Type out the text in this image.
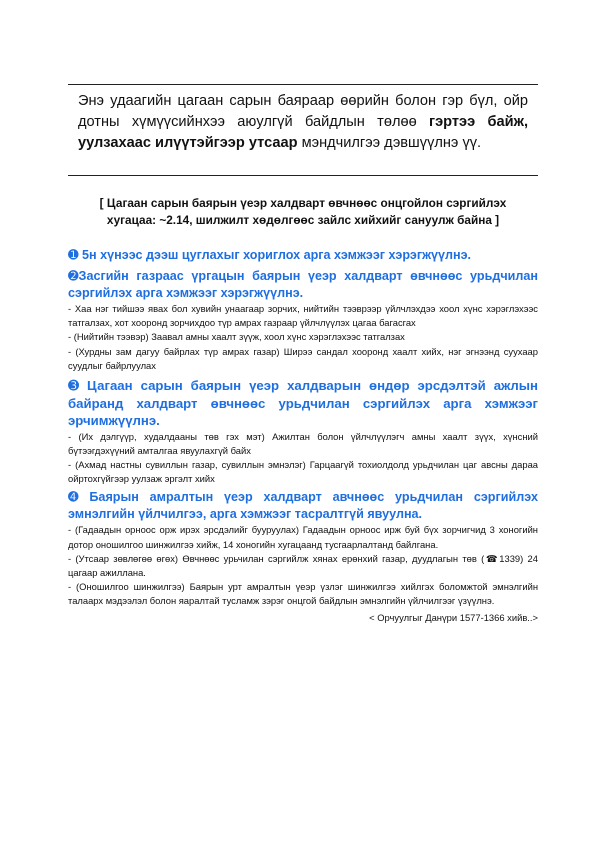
Энэ удаагийн цагаан сарын баяраар өөрийн болон гэр бүл, ойр дотны хүмүүсийнхээ аюулгүй байдлын төлөө гэртээ байж, уулзахаас илүүтэйгээр утсаар мэндчилгээ дэвшүүлнэ үү.
[ Цагаан сарын баярын үеэр халдварт өвчнөөс онцгойлон сэргийлэх
хугацаа: ~2.14, шилжилт хөдөлгөөс зайлс хийхийг сануулж байна ]

➊ 5н хүнээс дээш цуглахыг хориглох арга хэмжээг хэрэгжүүлнэ.

➋Засгийн газраас үргацын баярын үеэр халдварт өвчнөөс урьдчилан сэргийлэх арга хэмжээг хэрэгжүүлнэ.

- Хаа нэг тийшээ явах бол хувийн унаагаар зорчих, нийтийн тээврээр үйлчлэхдээ хоол хүнс хэрэглэхээс татгалзах, хот хооронд зорчихдоо түр амрах газраар үйлчлүүлэх цагаа багасгах

- (Нийтийн тээвэр) Заавал амны хаалт зүүж, хоол хүнс хэрэглэхээс татгалзах

- (Хурдны зам дагуу байрлах түр амрах газар) Ширээ сандал хооронд хаалт хийх, нэг эгнээнд суухаар суудлыг байрлуулах

➌ Цагаан сарын баярын үеэр халдварын өндөр эрсдэлтэй ажлын байранд халдварт өвчнөөс урьдчилан сэргийлэх арга хэмжээг эрчимжүүлнэ.

- (Их дэлгүүр, худалдааны төв гэх мэт) Ажилтан болон үйлчлүүлэгч амны хаалт зүүх, хүнсний бүтээгдэхүүний амталгаа явуулахгүй байх

- (Ахмад настны сувиллын газар, сувиллын эмнэлэг) Гарцаагүй тохиолдолд урьдчилан цаг авсны дараа ойртохгүйгээр уулзаж эргэлт хийх

➍ Баярын амралтын үеэр халдварт авчнөөс урьдчилан сэргийлэх эмнэлгийн үйлчилгээ, арга хэмжээг тасралтгүй явуулна.

- (Гадаадын орноос орж ирэх эрсдэлийг бууруулах) Гадаадын орноос ирж буй бүх зорчигчид 3 хоногийн дотор оношилгоо шинжилгээ хийж, 14 хоногийн хугацаанд тусгаарлалтанд байлгана.

- (Утсаар зөвлөгөө өгөх) Өвчнөөс урьчилан сэргийлж хянах ерөнхий газар, дуудлагын төв (☎1339) 24 цагаар ажиллана.

- (Оношилгоо шинжилгээ) Баярын урт амралтын үеэр үзлэг шинжилгээ хийлгэх боломжтой эмнэлгийн талаарх мэдээлэл болон яаралтай тусламж зэрэг онцгой байдлын эмнэлгийн үйлчилгээг үзүүлнэ.

< Орчуулгыг Данүри 1577-1366 хийв..>
